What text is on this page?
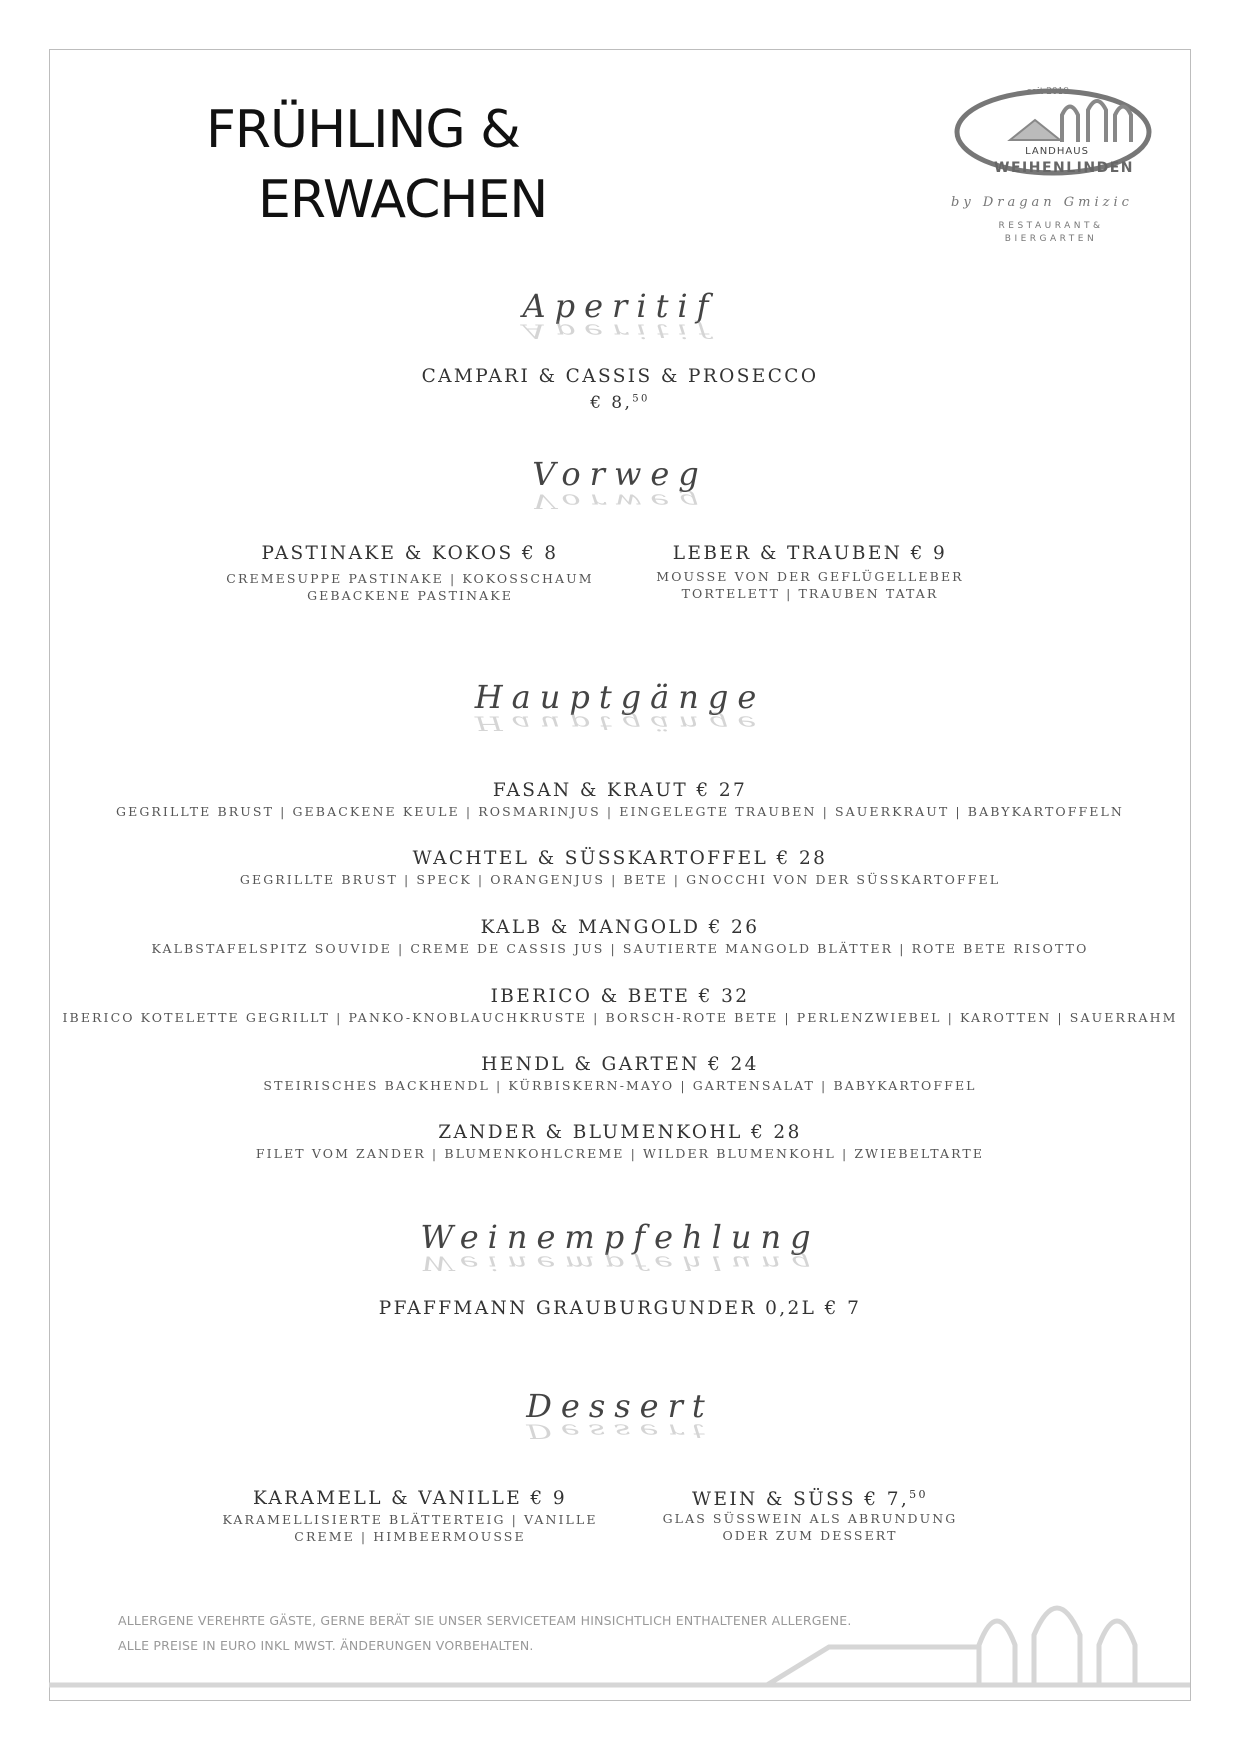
FRÜHLING &
ERWACHEN
seit 2019
LANDHAUS
WEIHENLINDEN
by Dragan Gmizic
RESTAURANT&
BIERGARTEN
Aperitif
Aperitif
CAMPARI & CASSIS & PROSECCO
€ 8,50
Vorweg
Vorweg
PASTINAKE & KOKOS € 8
CREMESUPPE PASTINAKE | KOKOSSCHAUM
GEBACKENE PASTINAKE
LEBER & TRAUBEN € 9
MOUSSE VON DER GEFLÜGELLEBER
TORTELETT | TRAUBEN TATAR
Hauptgänge
Hauptgänge
FASAN & KRAUT € 27
GEGRILLTE BRUST | GEBACKENE KEULE | ROSMARINJUS | EINGELEGTE TRAUBEN | SAUERKRAUT | BABYKARTOFFELN
WACHTEL & SÜSSKARTOFFEL € 28
GEGRILLTE BRUST | SPECK | ORANGENJUS | BETE | GNOCCHI VON DER SÜSSKARTOFFEL
KALB & MANGOLD € 26
KALBSTAFELSPITZ SOUVIDE | CREME DE CASSIS JUS | SAUTIERTE MANGOLD BLÄTTER | ROTE BETE RISOTTO
IBERICO & BETE € 32
IBERICO KOTELETTE GEGRILLT | PANKO-KNOBLAUCHKRUSTE | BORSCH-ROTE BETE | PERLENZWIEBEL | KAROTTEN | SAUERRAHM
HENDL & GARTEN € 24
STEIRISCHES BACKHENDL | KÜRBISKERN-MAYO | GARTENSALAT | BABYKARTOFFEL
ZANDER & BLUMENKOHL € 28
FILET VOM ZANDER | BLUMENKOHLCREME | WILDER BLUMENKOHL | ZWIEBELTARTE
Weinempfehlung
Weinempfehlung
PFAFFMANN GRAUBURGUNDER 0,2L € 7
Dessert
Dessert
KARAMELL & VANILLE € 9
KARAMELLISIERTE BLÄTTERTEIG | VANILLE
CREME | HIMBEERMOUSSE
WEIN & SÜSS € 7,50
GLAS SÜSSWEIN ALS ABRUNDUNG
ODER ZUM DESSERT
ALLERGENE VEREHRTE GÄSTE, GERNE BERÄT SIE UNSER SERVICETEAM HINSICHTLICH ENTHALTENER ALLERGENE.
ALLE PREISE IN EURO INKL MWST. ÄNDERUNGEN VORBEHALTEN.
